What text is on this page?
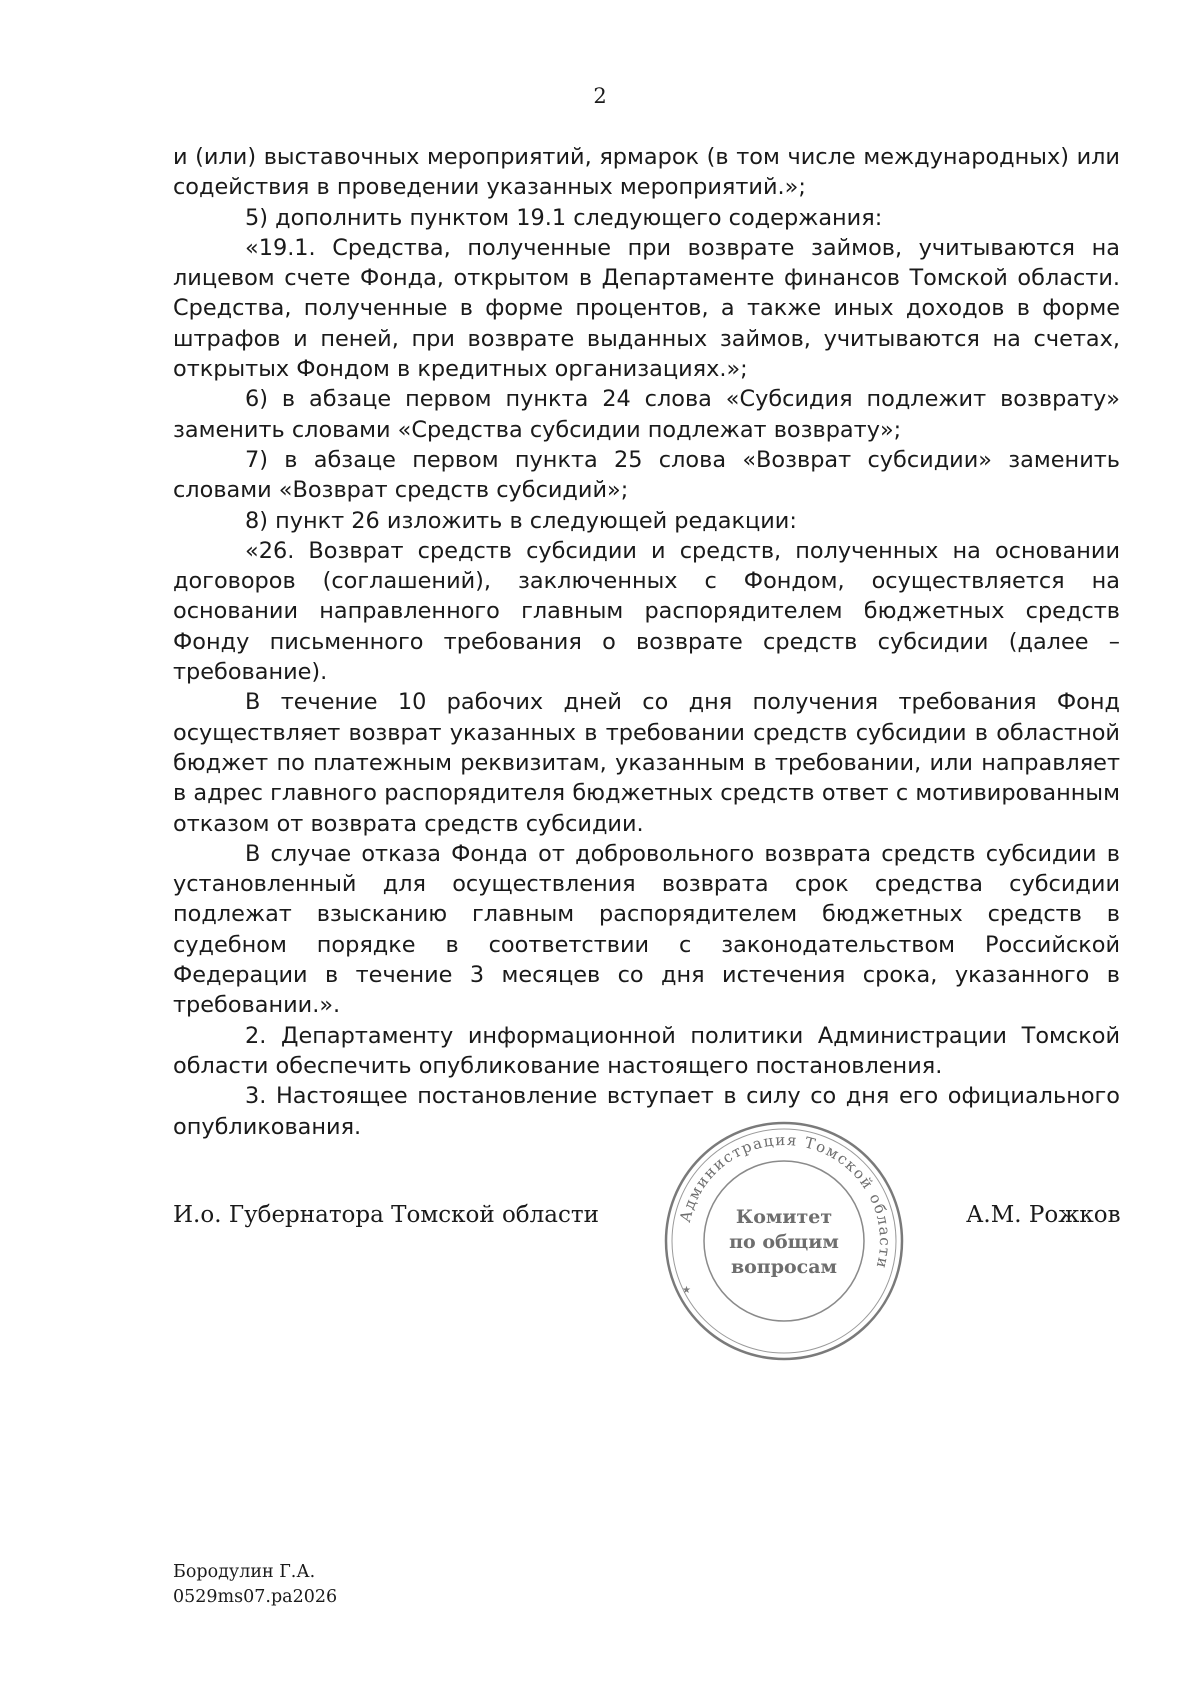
2

и (или) выставочных мероприятий, ярмарок (в том числе международных) или содействия в проведении указанных мероприятий.»;

5) дополнить пунктом 19.1 следующего содержания:

«19.1. Средства, полученные при возврате займов, учитываются на лицевом счете Фонда, открытом в Департаменте финансов Томской области. Средства, полученные в форме процентов, а также иных доходов в форме штрафов и пеней, при возврате выданных займов, учитываются на счетах, открытых Фондом в кредитных организациях.»;

6) в абзаце первом пункта 24 слова «Субсидия подлежит возврату» заменить словами «Средства субсидии подлежат возврату»;

7) в абзаце первом пункта 25 слова «Возврат субсидии» заменить словами «Возврат средств субсидий»;

8) пункт 26 изложить в следующей редакции:

«26. Возврат средств субсидии и средств, полученных на основании договоров (соглашений), заключенных с Фондом, осуществляется на основании направленного главным распорядителем бюджетных средств Фонду письменного требования о возврате средств субсидии (далее – требование).

В течение 10 рабочих дней со дня получения требования Фонд осуществляет возврат указанных в требовании средств субсидии в областной бюджет по платежным реквизитам, указанным в требовании, или направляет в адрес главного распорядителя бюджетных средств ответ с мотивированным отказом от возврата средств субсидии.

В случае отказа Фонда от добровольного возврата средств субсидии в установленный для осуществления возврата срок средства субсидии подлежат взысканию главным распорядителем бюджетных средств в судебном порядке в соответствии с законодательством Российской Федерации в течение 3 месяцев со дня истечения срока, указанного в требовании.».

2. Департаменту информационной политики Администрации Томской области обеспечить опубликование настоящего постановления.

3. Настоящее постановление вступает в силу со дня его официального опубликования.

И.о. Губернатора Томской области	Администрация Томской области
Комитет
по общим
вопросам
★
А.М. Рожков
Бородулин Г.А.
0529ms07.pa2026
